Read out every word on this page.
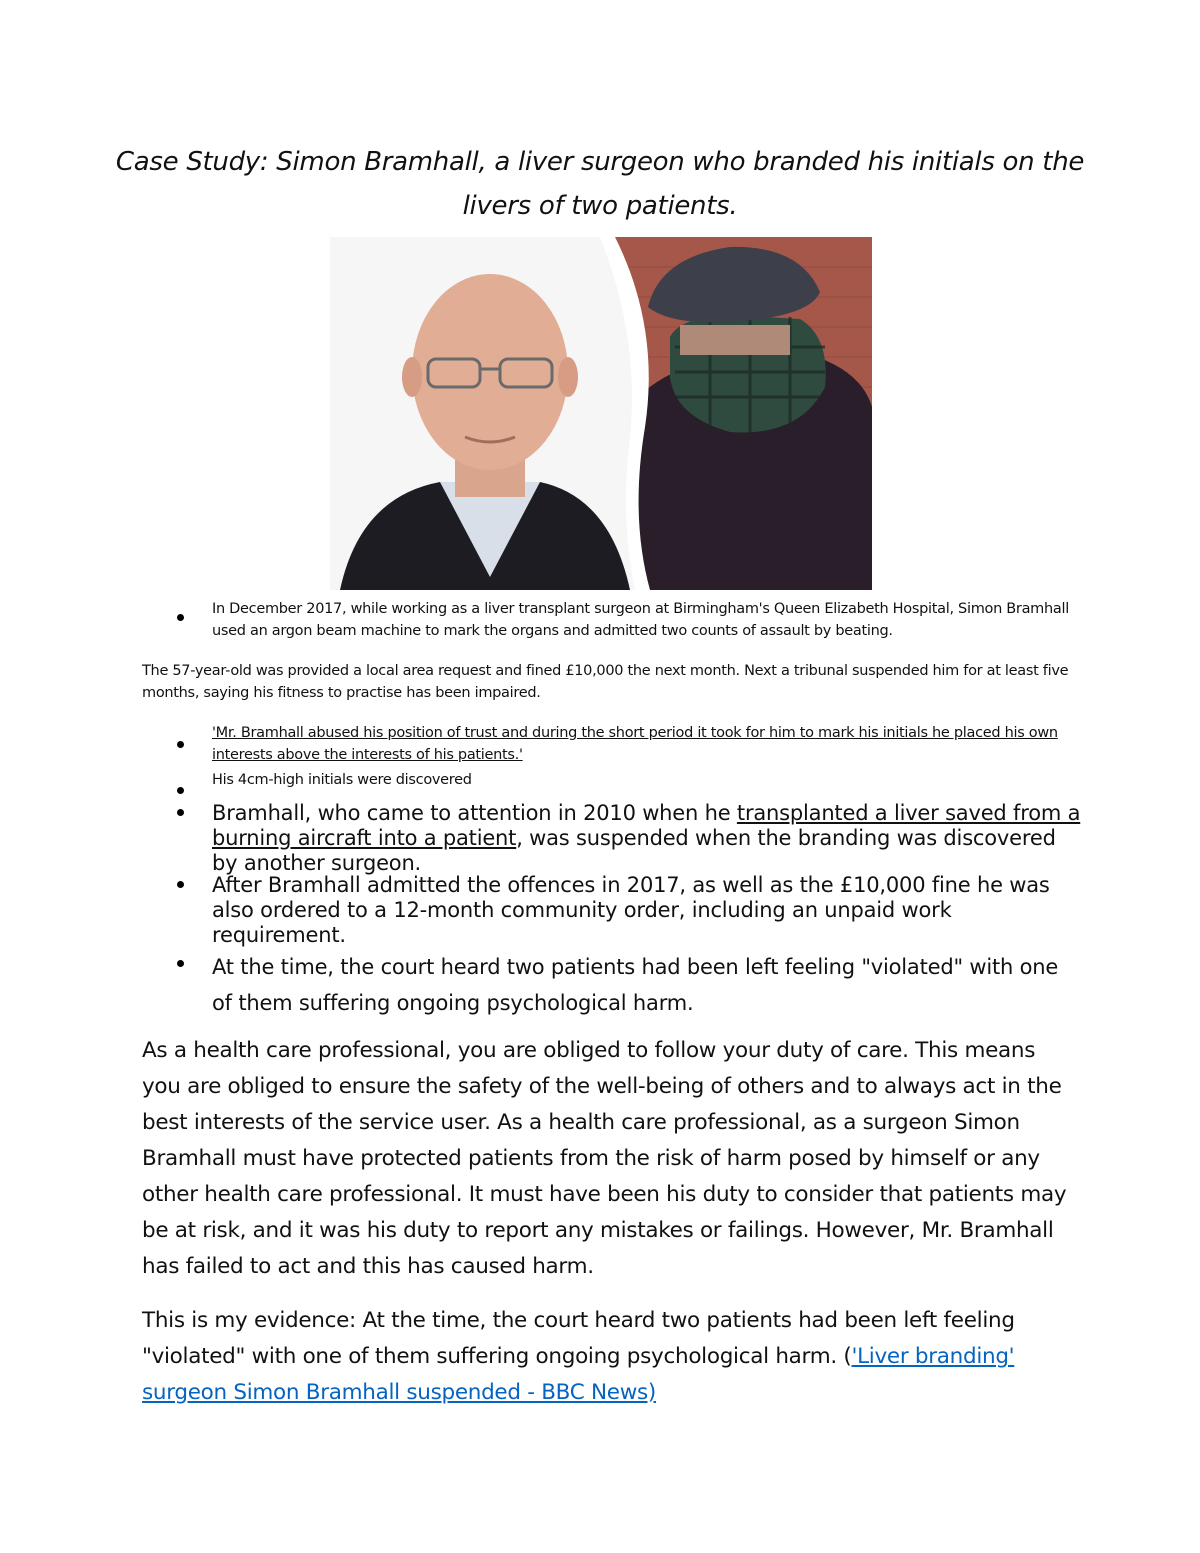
Case Study: Simon Bramhall, a liver surgeon who branded his initials on the livers of two patients.
In December 2017, while working as a liver transplant surgeon at Birmingham's Queen Elizabeth Hospital, Simon Bramhall used an argon beam machine to mark the organs and admitted two counts of assault by beating.
The 57-year-old was provided a local area request and fined £10,000 the next month. Next a tribunal suspended him for at least five months, saying his fitness to practise has been impaired.
'Mr. Bramhall abused his position of trust and during the short period it took for him to mark his initials he placed his own interests above the interests of his patients.'
His 4cm-high initials were discovered
Bramhall, who came to attention in 2010 when he transplanted a liver saved from a burning aircraft into a patient, was suspended when the branding was discovered by another surgeon.
After Bramhall admitted the offences in 2017, as well as the £10,000 fine he was also ordered to a 12-month community order, including an unpaid work requirement.
At the time, the court heard two patients had been left feeling "violated" with one of them suffering ongoing psychological harm.
As a health care professional, you are obliged to follow your duty of care. This means you are obliged to ensure the safety of the well-being of others and to always act in the best interests of the service user. As a health care professional, as a surgeon Simon Bramhall must have protected patients from the risk of harm posed by himself or any other health care professional. It must have been his duty to consider that patients may be at risk, and it was his duty to report any mistakes or failings. However, Mr. Bramhall has failed to act and this has caused harm.
This is my evidence: At the time, the court heard two patients had been left feeling "violated" with one of them suffering ongoing psychological harm. ('Liver branding' surgeon Simon Bramhall suspended - BBC News)
